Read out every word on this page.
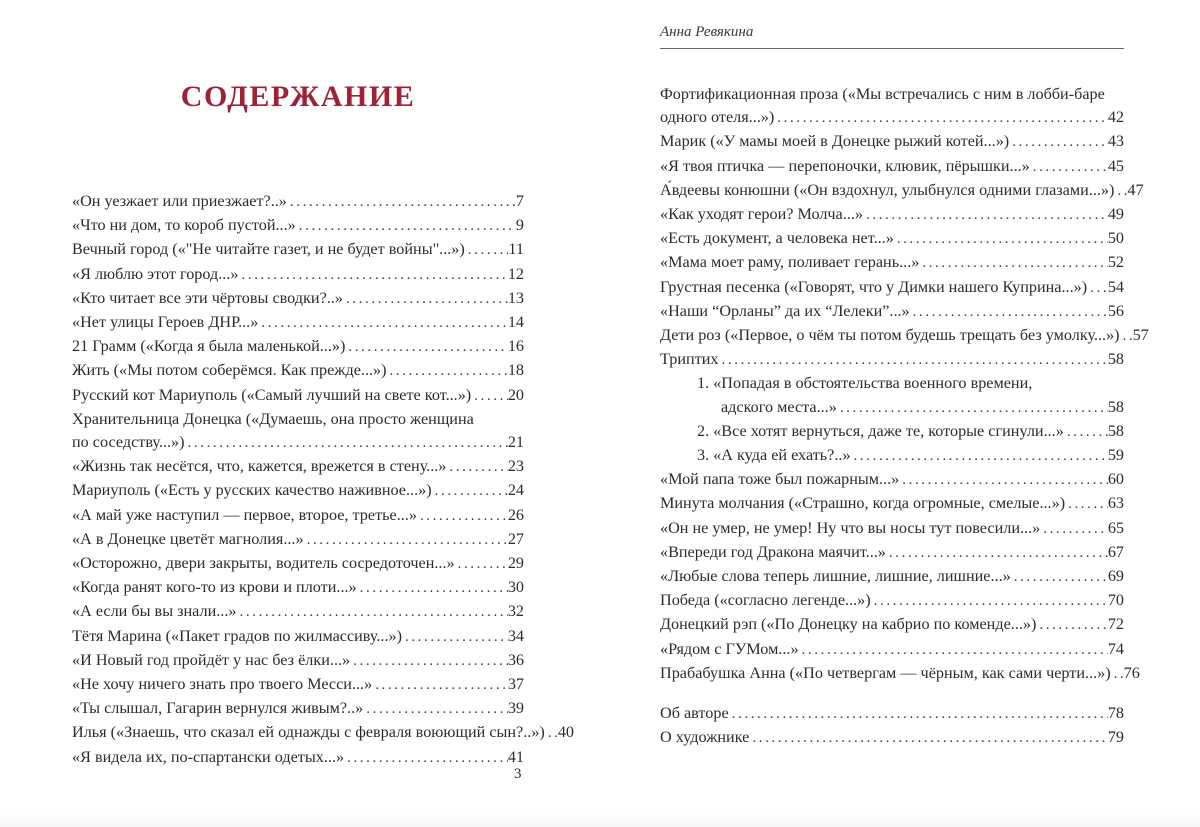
СОДЕРЖАНИЕ
«Он уезжает или приезжает?..» .....	7
«Что ни дом, то короб пустой...» .....	9
Вечный город («"Не читайте газет, и не будет войны"...») .....	11
«Я люблю этот город...» .....	12
«Кто читает все эти чёртовы сводки?..» .....	13
«Нет улицы Героев ДНР...» .....	14
21 Грамм («Когда я была маленькой...») .....	16
Жить («Мы потом соберёмся. Как прежде...») .....	18
Русский кот Мариуполь («Самый лучший на свете кот...») ..... 20
Хранительница Донецка («Думаешь, она просто женщина
по соседству...») .....	21
«Жизнь так несётся, что, кажется, врежется в стену...» .....	23
Мариуполь («Есть у русских качество наживное...») .....	24
«А май уже наступил — первое, второе, третье...» .....	26
«А в Донецке цветёт магнолия...» .....	27
«Осторожно, двери закрыты, водитель сосредоточен...» .....	29
«Когда ранят кого-то из крови и плоти...» .....	30
«А если бы вы знали...» .....	32
Тётя Марина («Пакет градов по жилмассиву...») .....	34
«И Новый год пройдёт у нас без ёлки...» .....	36
«Не хочу ничего знать про твоего Месси...» .....	37
«Ты слышал, Гагарин вернулся живым?..» .....	39
Илья («Знаешь, что сказал ей однажды с февраля воюющий сын?..») ..... 40
«Я видела их, по-спартански одетых...» .....	41
Анна Ревякина
Фортификационная проза («Мы встречались с ним в лобби-баре
одного отеля...») .....	42
Марик («У мамы моей в Донецке рыжий котей...») .....	43
«Я твоя птичка — перепоночки, клювик, пёрышки...» .....	45
А́вдеевы конюшни («Он вздохнул, улыбнулся одними глазами...») ..... 47
«Как уходят герои? Молча...» .....	49
«Есть документ, а человека нет...» .....	50
«Мама моет раму, поливает герань...» .....	52
Грустная песенка («Говорят, что у Димки нашего Куприна...») ..... 54
«Наши “Орланы” да их “Лелеки”...» .....	56
Дети роз («Первое, о чём ты потом будешь трещать без умолку...») ..... 57
Триптих .....	58
1. «Попадая в обстоятельства военного времени,
адского места...» .....	58
2. «Все хотят вернуться, даже те, которые сгинули...» .....	58
3. «А куда ей ехать?..» .....	59
«Мой папа тоже был пожарным...» .....	60
Минута молчания («Страшно, когда огромные, смелые...») .....	63
«Он не умер, не умер! Ну что вы носы тут повесили...» .....	65
«Впереди год Дракона маячит...» .....	67
«Любые слова теперь лишние, лишние, лишние...» .....	69
Победа («согласно легенде...») .....	70
Донецкий рэп («По Донецку на кабрио по коменде...») .....	72
«Рядом с ГУМом...» .....	74
Прабабушка Анна («По четвергам — чёрным, как сами черти...») ..... 76
Об авторе .....	78
О художнике .....	79
3
